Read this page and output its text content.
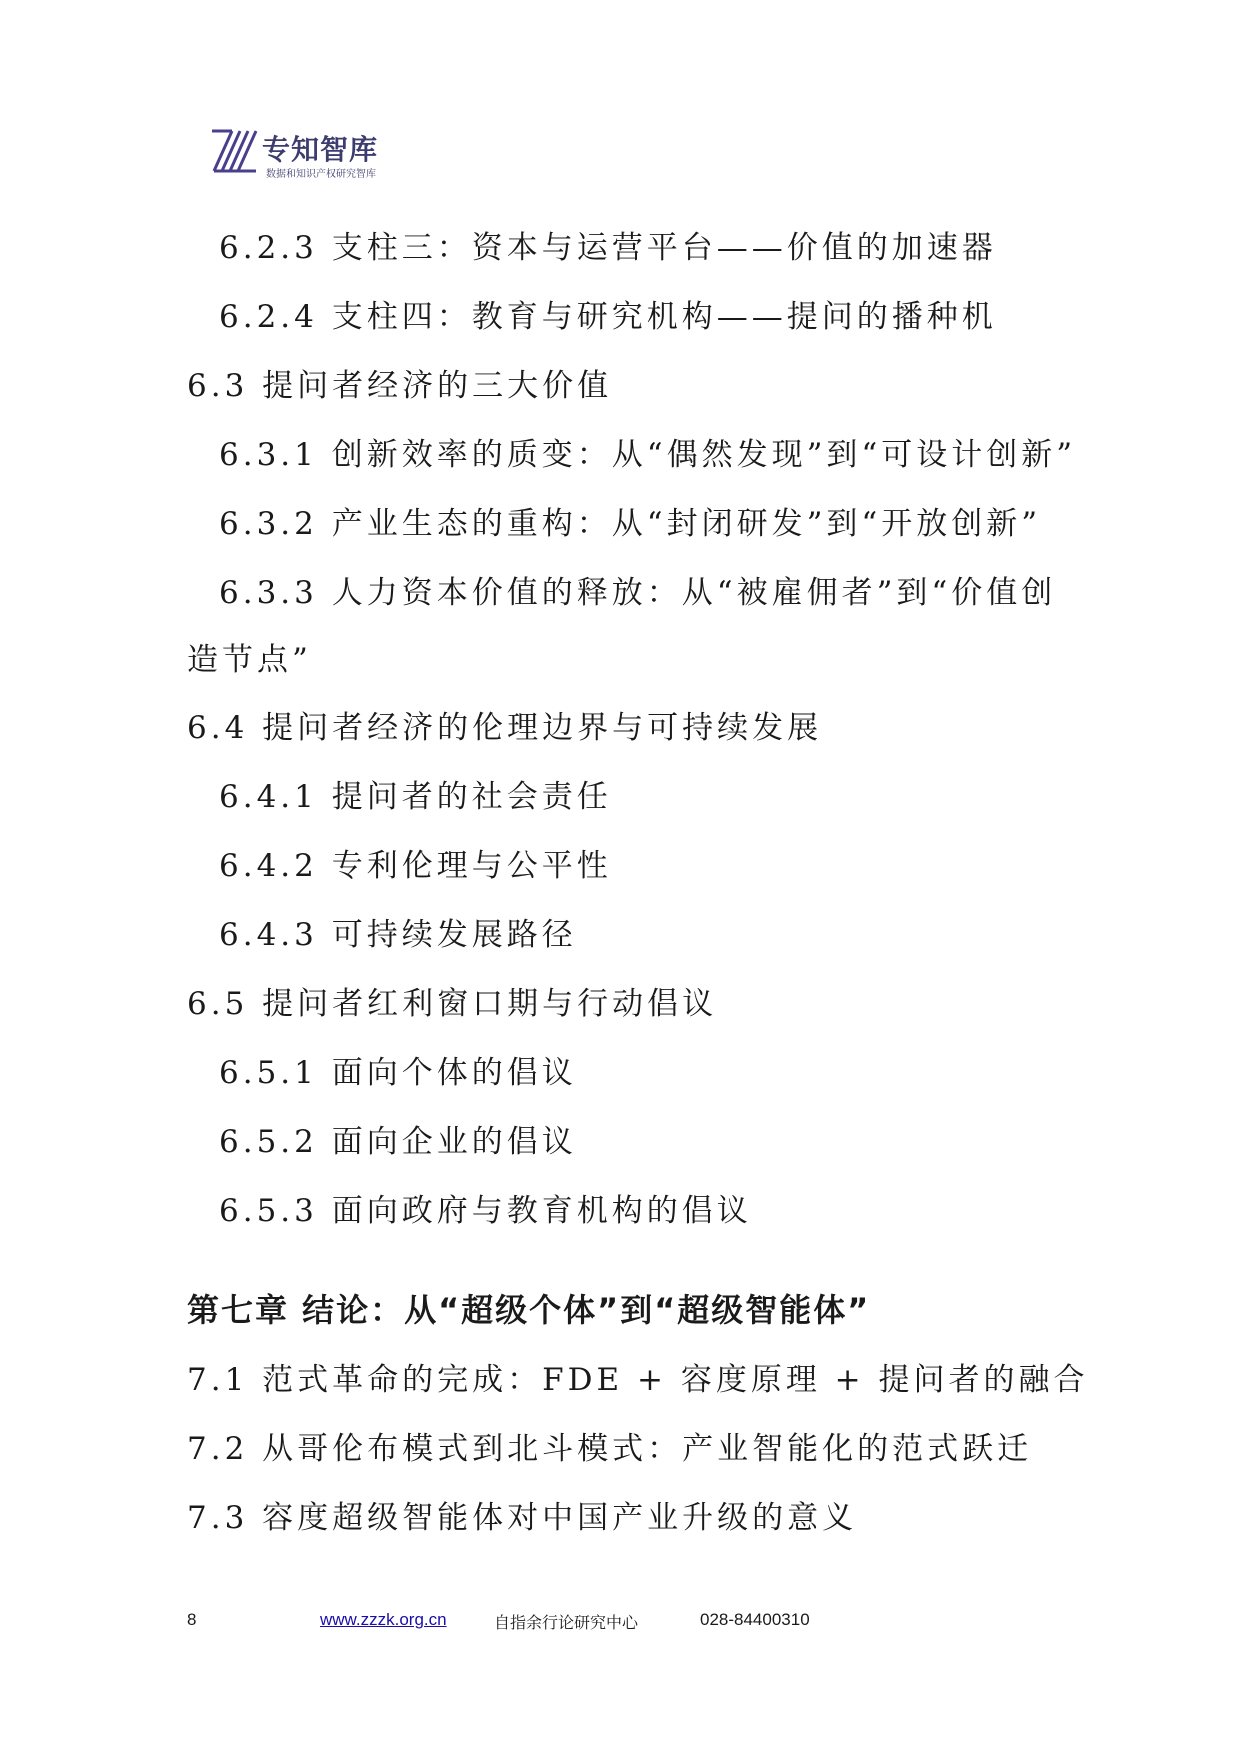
专知智库
数据和知识产权研究智库
6.2.3 支柱三：资本与运营平台——价值的加速器
6.2.4 支柱四：教育与研究机构——提问的播种机
6.3 提问者经济的三大价值
6.3.1 创新效率的质变：从“偶然发现”到“可设计创新”
6.3.2 产业生态的重构：从“封闭研发”到“开放创新”
6.3.3 人力资本价值的释放：从“被雇佣者”到“价值创
造节点”
6.4 提问者经济的伦理边界与可持续发展
6.4.1 提问者的社会责任
6.4.2 专利伦理与公平性
6.4.3 可持续发展路径
6.5 提问者红利窗口期与行动倡议
6.5.1 面向个体的倡议
6.5.2 面向企业的倡议
6.5.3 面向政府与教育机构的倡议
第七章 结论：从“超级个体”到“超级智能体”
7.1 范式革命的完成：FDE + 容度原理 + 提问者的融合
7.2 从哥伦布模式到北斗模式：产业智能化的范式跃迁
7.3 容度超级智能体对中国产业升级的意义
8	www.zzzk.org.cn	自指余行论研究中心	028-84400310
